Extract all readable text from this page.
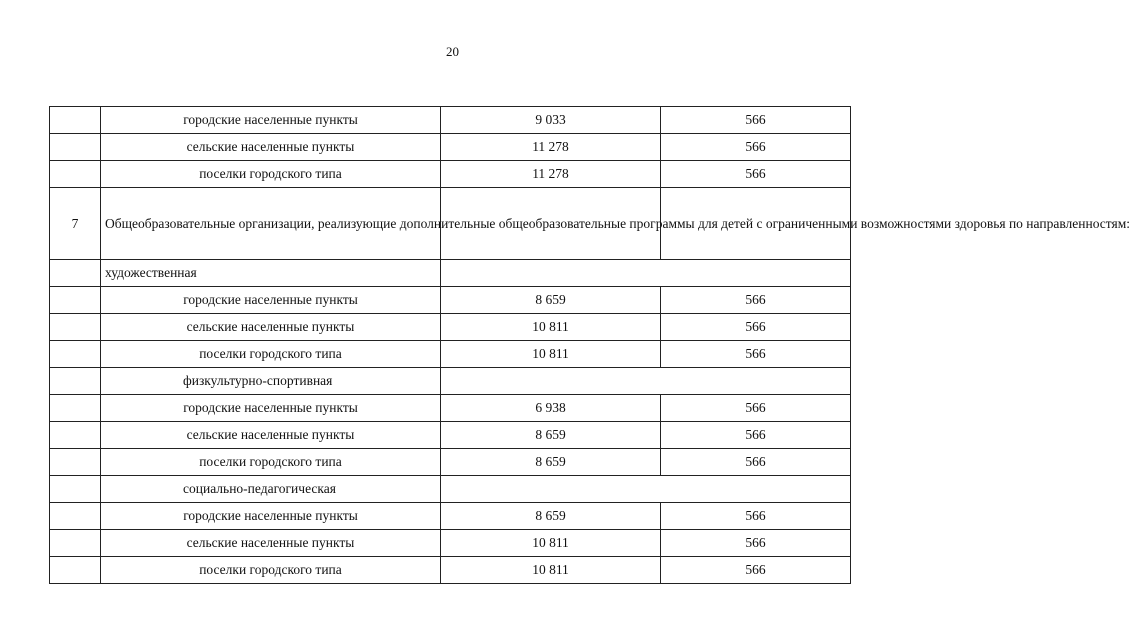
20
	городские населенные пункты	9 033	566
	сельские населенные пункты	11 278	566
	поселки городского типа	11 278	566
7	Общеобразовательные организации, реализующие дополнительные общеобразовательные программы для детей с ограниченными возможностями здоровья по направленностям:		
	художественная		
	городские населенные пункты	8 659	566
	сельские населенные пункты	10 811	566
	поселки городского типа	10 811	566
	физкультурно-спортивная		
	городские населенные пункты	6 938	566
	сельские населенные пункты	8 659	566
	поселки городского типа	8 659	566
	социально-педагогическая		
	городские населенные пункты	8 659	566
	сельские населенные пункты	10 811	566
	поселки городского типа	10 811	566
